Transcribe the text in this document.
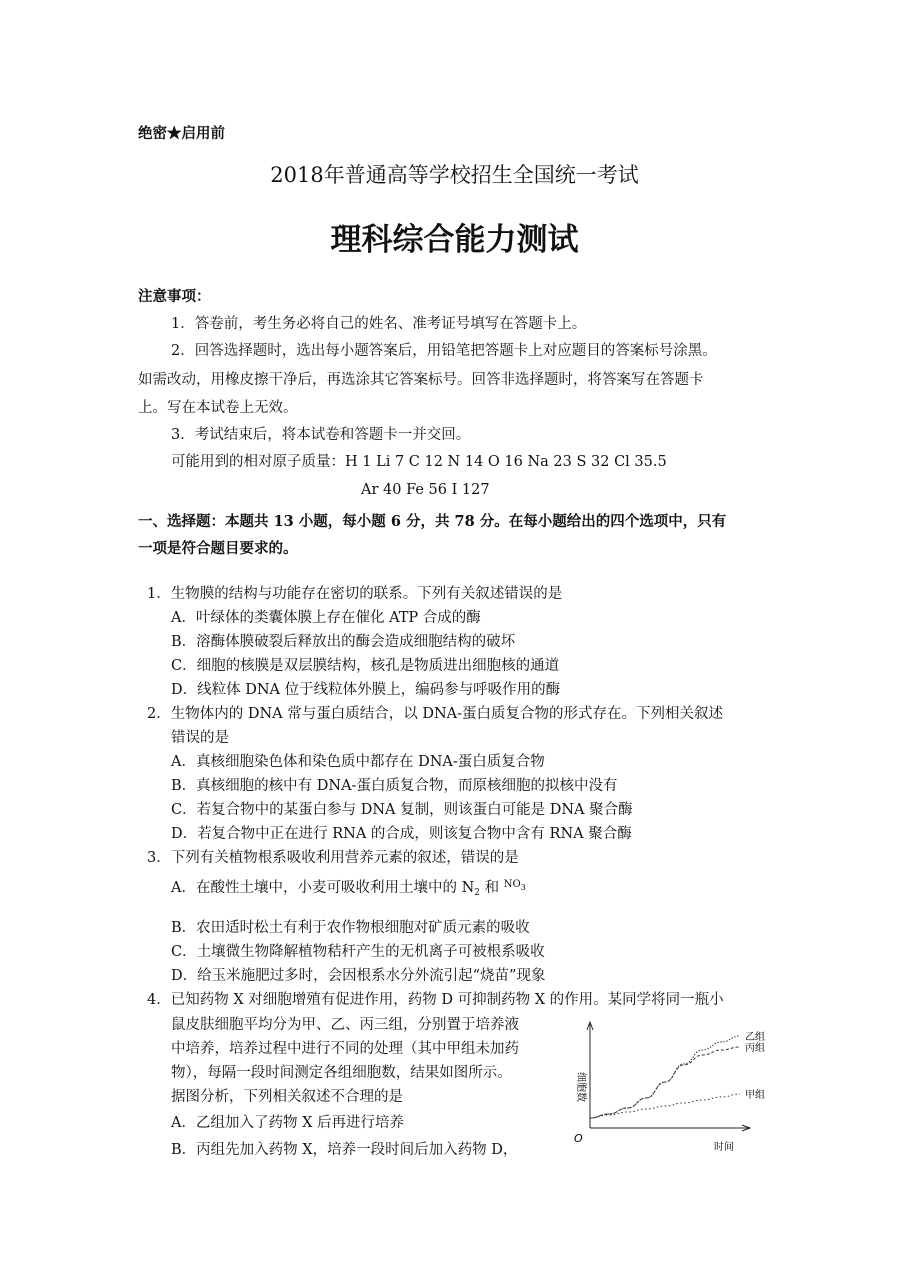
绝密★启用前
2018年普通高等学校招生全国统一考试
理科综合能力测试
注意事项：
1．答卷前，考生务必将自己的姓名、准考证号填写在答题卡上。
2．回答选择题时，选出每小题答案后，用铅笔把答题卡上对应题目的答案标号涂黑。
如需改动，用橡皮擦干净后，再选涂其它答案标号。回答非选择题时，将答案写在答题卡
上。写在本试卷上无效。
3．考试结束后，将本试卷和答题卡一并交回。
可能用到的相对原子质量：H 1 Li 7 C 12 N 14 O 16 Na 23 S 32 Cl 35.5
Ar 40 Fe 56 I 127
一、选择题：本题共 13 小题，每小题 6 分，共 78 分。在每小题给出的四个选项中，只有
一项是符合题目要求的。
1．生物膜的结构与功能存在密切的联系。下列有关叙述错误的是
A．叶绿体的类囊体膜上存在催化 ATP 合成的酶
B．溶酶体膜破裂后释放出的酶会造成细胞结构的破坏
C．细胞的核膜是双层膜结构，核孔是物质进出细胞核的通道
D．线粒体 DNA 位于线粒体外膜上，编码参与呼吸作用的酶
2．生物体内的 DNA 常与蛋白质结合，以 DNA-蛋白质复合物的形式存在。下列相关叙述
错误的是
A．真核细胞染色体和染色质中都存在 DNA-蛋白质复合物
B．真核细胞的核中有 DNA-蛋白质复合物，而原核细胞的拟核中没有
C．若复合物中的某蛋白参与 DNA 复制，则该蛋白可能是 DNA 聚合酶
D．若复合物中正在进行 RNA 的合成，则该复合物中含有 RNA 聚合酶
3．下列有关植物根系吸收利用营养元素的叙述，错误的是
A．在酸性土壤中，小麦可吸收利用土壤中的 $N_2$ 和 $^{NO_3}$
B．农田适时松土有利于农作物根细胞对矿质元素的吸收
C．土壤微生物降解植物秸秆产生的无机离子可被根系吸收
D．给玉米施肥过多时，会因根系水分外流引起“烧苗”现象
4．已知药物 X 对细胞增殖有促进作用，药物 D 可抑制药物 X 的作用。某同学将同一瓶小
鼠皮肤细胞平均分为甲、乙、丙三组，分别置于培养液
中培养，培养过程中进行不同的处理（其中甲组未加药
物），每隔一段时间测定各组细胞数，结果如图所示。
据图分析，下列相关叙述不合理的是
A．乙组加入了药物 X 后再进行培养
B．丙组先加入药物 X，培养一段时间后加入药物 D，
O
时间
细胞数
乙组
丙组
甲组
